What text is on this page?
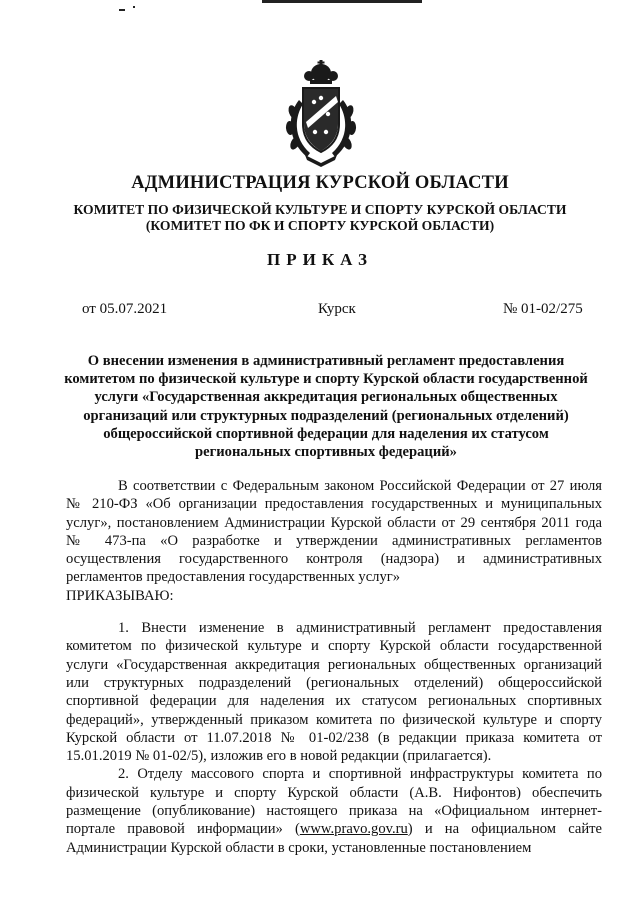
АДМИНИСТРАЦИЯ КУРСКОЙ ОБЛАСТИ
КОМИТЕТ ПО ФИЗИЧЕСКОЙ КУЛЬТУРЕ И СПОРТУ КУРСКОЙ ОБЛАСТИ
(КОМИТЕТ ПО ФК И СПОРТУ КУРСКОЙ ОБЛАСТИ)
ПРИКАЗ
от 05.07.2021	Курск	№ 01-02/275
О внесении изменения в административный регламент предоставления комитетом по физической культуре и спорту Курской области государственной услуги «Государственная аккредитация региональных общественных организаций или структурных подразделений (региональных отделений) общероссийской спортивной федерации для наделения их статусом региональных спортивных федераций»

В соответствии с Федеральным законом Российской Федерации от 27 июля № 210-ФЗ «Об организации предоставления государственных и муниципальных услуг», постановлением Администрации Курской области от 29 сентября 2011 года № 473-па «О разработке и утверждении административных регламентов осуществления государственного контроля (надзора) и административных регламентов предоставления государственных услуг»

ПРИКАЗЫВАЮ:

1. Внести изменение в административный регламент предоставления комитетом по физической культуре и спорту Курской области государственной услуги «Государственная аккредитация региональных общественных организаций или структурных подразделений (региональных отделений) общероссийской спортивной федерации для наделения их статусом региональных спортивных федераций», утвержденный приказом комитета по физической культуре и спорту Курской области от 11.07.2018 № 01-02/238 (в редакции приказа комитета от 15.01.2019 № 01-02/5), изложив его в новой редакции (прилагается).

2. Отделу массового спорта и спортивной инфраструктуры комитета по физической культуре и спорту Курской области (А.В. Нифонтов) обеспечить размещение (опубликование) настоящего приказа на «Официальном интернет-портале правовой информации» (www.pravo.gov.ru) и на официальном сайте Администрации Курской области в сроки, установленные постановлением
